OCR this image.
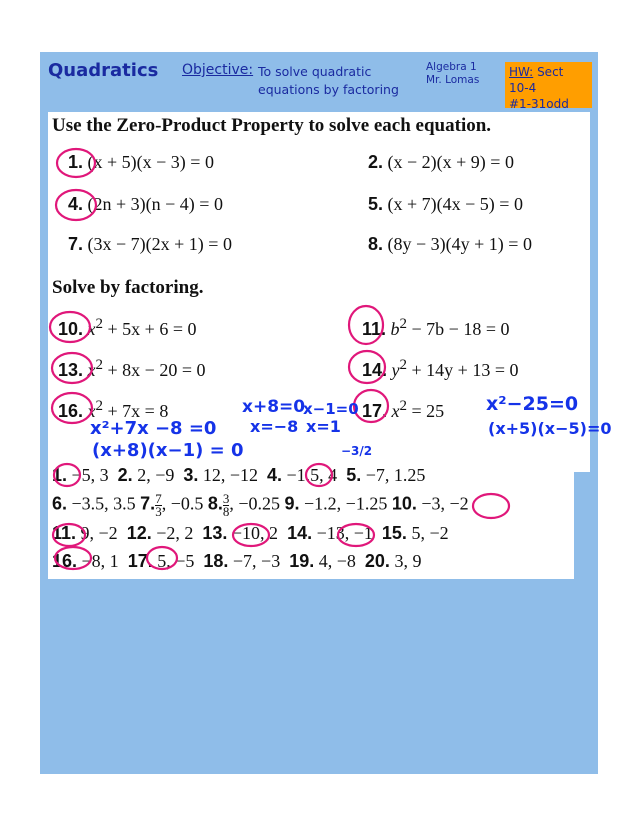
Quadratics Objective: To solve quadratic
equations by factoring
Algebra 1
Mr. Lomas
HW: Sect
10-4
#1-31odd

Use the Zero-Product Property to solve each equation.

1. (x + 5)(x − 3) = 0	2. (x − 2)(x + 9) = 0

4. (2n + 3)(n − 4) = 0	5. (x + 7)(4x − 5) = 0

7. (3x − 7)(2x + 1) = 0	8. (8y − 3)(4y + 1) = 0

Solve by factoring.

10. $x^2 + 5x + 6 = 0$	11. $b^2 - 7b - 18 = 0$

13. $x^2 + 8x - 20 = 0$	14. $y^2 + 14y + 13 = 0$

16. $x^2 + 7x = 8$	17. $x^2 = 25$

1. −5, 3 2. 2, −9 3. 12, −12 4. −1.5, 4 5. −7, 1.25

6. −3.5, 3.5 7. $\frac{7}{3}$ , −0.5 8. $\frac{3}{8}$ , −0.25 9. −1.2, −1.25 10. −3, −2

11. 9, −2 12. −2, 2 13. −10, 2 14. −13, −1 15. 5, −2

16. −8, 1 17. 5, −5 18. −7, −3 19. 4, −8 20. 3, 9

x+8=0
x−1=0
x²+7x −8 =0 x=−8 x=1
(x+8)(x−1) = 0	−3/2
x²−25=0
(x+5)(x−5)=0
